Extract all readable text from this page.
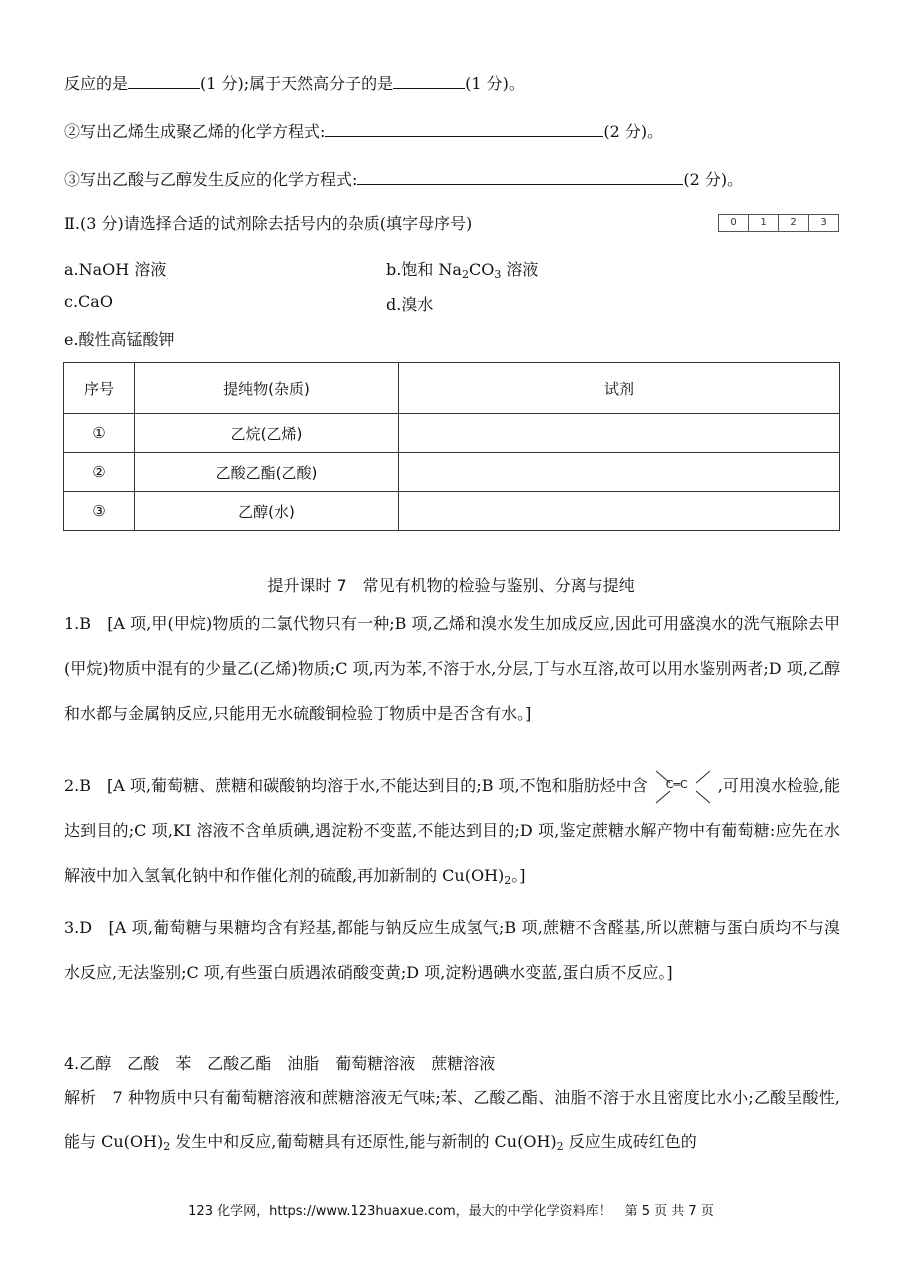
反应的是	(1 分);属于天然高分子的是	(1 分)。
②写出乙烯生成聚乙烯的化学方程式:	(2 分)。
③写出乙酸与乙醇发生反应的化学方程式:	(2 分)。
Ⅱ.(3 分)请选择合适的试剂除去括号内的杂质(填字母序号)	0	1	2	3
a.NaOH 溶液	b.饱和 $Na_2CO_3$ 溶液
c.CaO	d.溴水
e.酸性高锰酸钾
序号	提纯物(杂质)	试剂
①	乙烷(乙烯)	
②	乙酸乙酯(乙酸)	
③	乙醇(水)	
提升课时 7　常见有机物的检验与鉴别、分离与提纯

1.B　[A 项,甲(甲烷)物质的二氯代物只有一种;B 项,乙烯和溴水发生加成反应,因此可用盛溴水的洗气瓶除去甲(甲烷)物质中混有的少量乙(乙烯)物质;C 项,丙为苯,不溶于水,分层,丁与水互溶,故可以用水鉴别两者;D 项,乙醇和水都与金属钠反应,只能用无水硫酸铜检验丁物质中是否含有水。]

2.B　[A 项,葡萄糖、蔗糖和碳酸钠均溶于水,不能达到目的;B 项,不饱和脂肪烃中含 C═C ,可用溴水检验,能达到目的;C 项,KI 溶液不含单质碘,遇淀粉不变蓝,不能达到目的;D 项,鉴定蔗糖水解产物中有葡萄糖:应先在水解液中加入氢氧化钠中和作催化剂的硫酸,再加新制的 $Cu(OH)_2$。]

3.D　[A 项,葡萄糖与果糖均含有羟基,都能与钠反应生成氢气;B 项,蔗糖不含醛基,所以蔗糖与蛋白质均不与溴水反应,无法鉴别;C 项,有些蛋白质遇浓硝酸变黄;D 项,淀粉遇碘水变蓝,蛋白质不反应。]

4.乙醇　乙酸　苯　乙酸乙酯　油脂　葡萄糖溶液　蔗糖溶液

解析　7 种物质中只有葡萄糖溶液和蔗糖溶液无气味;苯、乙酸乙酯、油脂不溶于水且密度比水小;乙酸呈酸性,能与 $Cu(OH)_2$ 发生中和反应,葡萄糖具有还原性,能与新制的 $Cu(OH)_2$ 反应生成砖红色的

123 化学网，https://www.123huaxue.com，最大的中学化学资料库！　第 5 页 共 7 页
